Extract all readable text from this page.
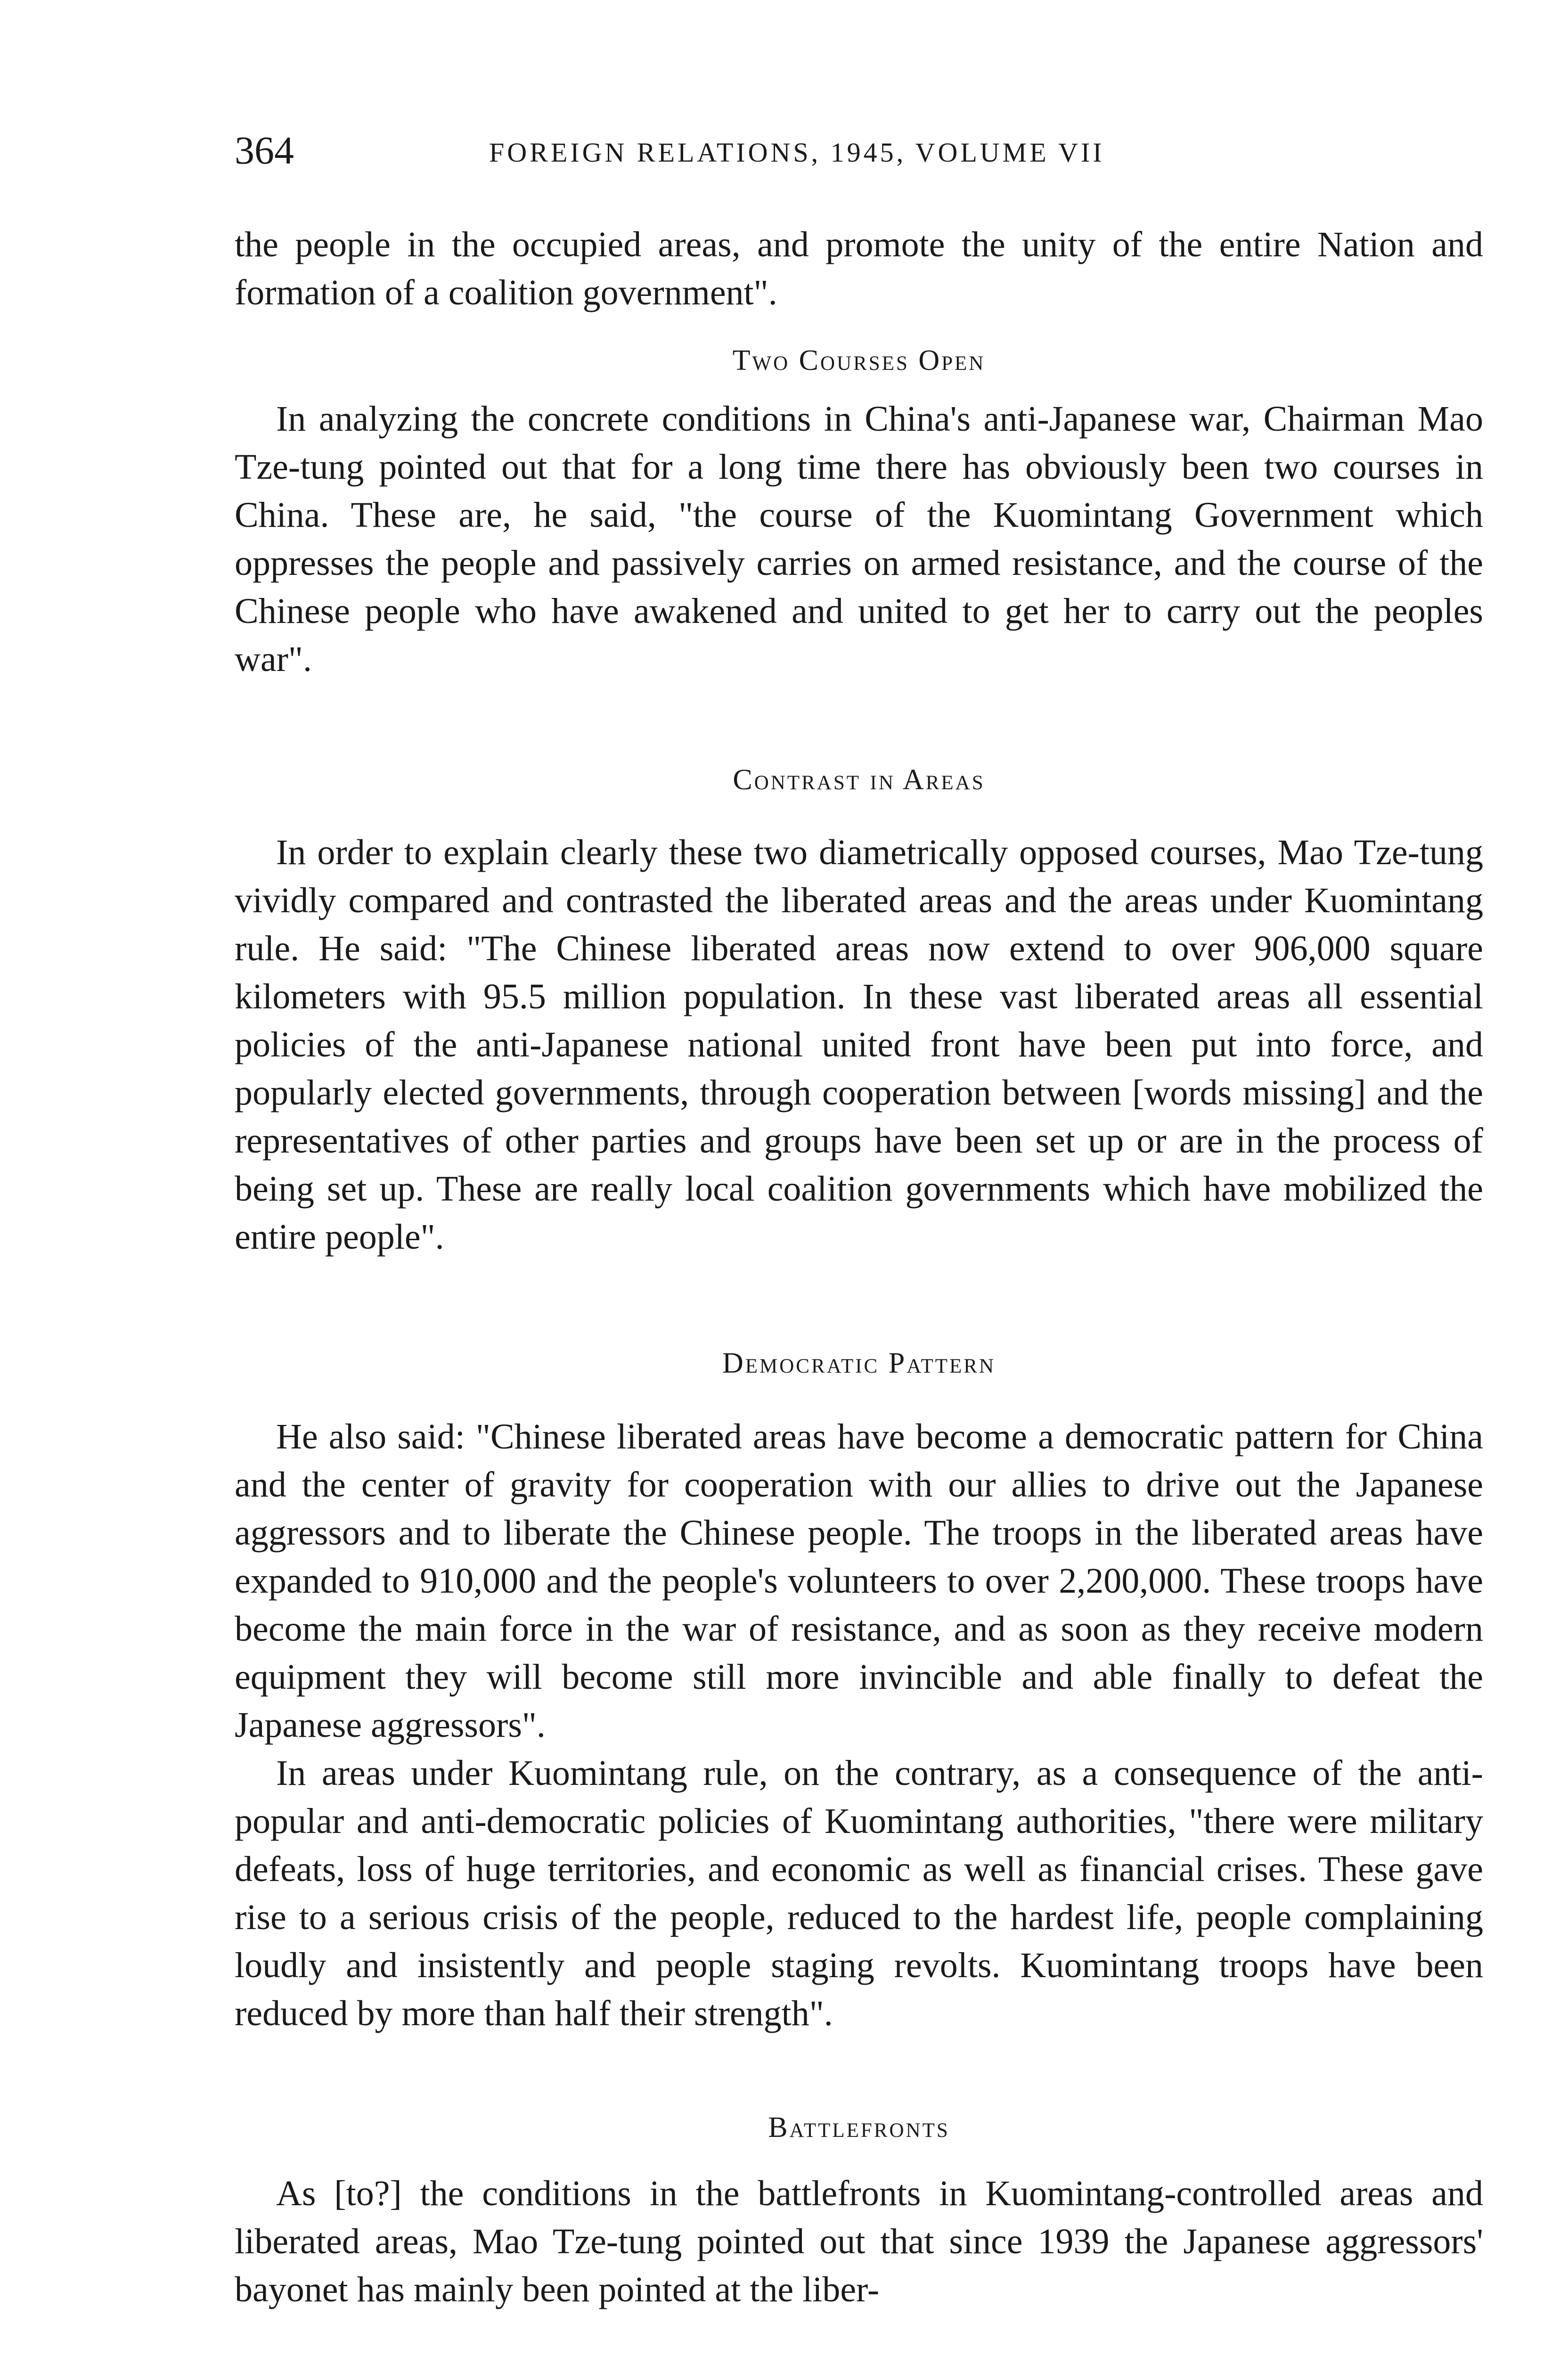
364	FOREIGN RELATIONS, 1945, VOLUME VII

the people in the occupied areas, and promote the unity of the entire Nation and formation of a coalition government".

Two Courses Open

In analyzing the concrete conditions in China's anti-Japanese war, Chairman Mao Tze-tung pointed out that for a long time there has obviously been two courses in China. These are, he said, "the course of the Kuomintang Government which oppresses the people and passively carries on armed resistance, and the course of the Chinese people who have awakened and united to get her to carry out the peoples war".

Contrast in Areas

In order to explain clearly these two diametrically opposed courses, Mao Tze-tung vividly compared and contrasted the liberated areas and the areas under Kuomintang rule. He said: "The Chinese liberated areas now extend to over 906,000 square kilometers with 95.5 million population. In these vast liberated areas all essential policies of the anti-Japanese national united front have been put into force, and popularly elected governments, through cooperation between [words missing] and the representatives of other parties and groups have been set up or are in the process of being set up. These are really local coalition governments which have mobilized the entire people".

Democratic Pattern

He also said: "Chinese liberated areas have become a democratic pattern for China and the center of gravity for cooperation with our allies to drive out the Japanese aggressors and to liberate the Chinese people. The troops in the liberated areas have expanded to 910,000 and the people's volunteers to over 2,200,000. These troops have become the main force in the war of resistance, and as soon as they receive modern equipment they will become still more invincible and able finally to defeat the Japanese aggressors".

In areas under Kuomintang rule, on the contrary, as a consequence of the anti-popular and anti-democratic policies of Kuomintang authorities, "there were military defeats, loss of huge territories, and economic as well as financial crises. These gave rise to a serious crisis of the people, reduced to the hardest life, people complaining loudly and insistently and people staging revolts. Kuomintang troops have been reduced by more than half their strength".

Battlefronts

As [to?] the conditions in the battlefronts in Kuomintang-controlled areas and liberated areas, Mao Tze-tung pointed out that since 1939 the Japanese aggressors' bayonet has mainly been pointed at the liber-
